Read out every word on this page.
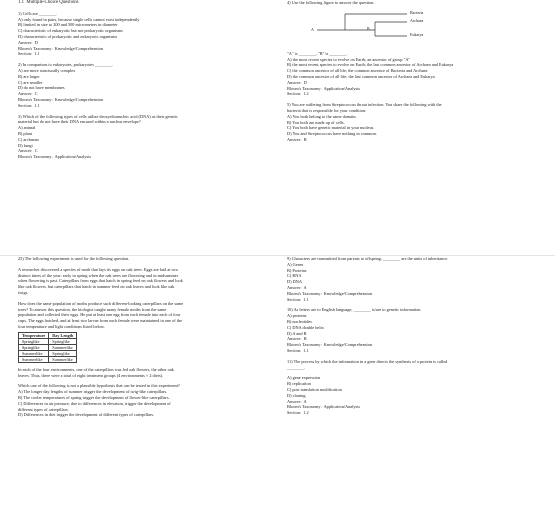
1.1  Multiple-Choice Questions

1) Cells are ________.

A) only found in pairs, because single cells cannot exist independently

B) limited in size to 200 and 500 micrometers in diameter

C) characteristic of eukaryotic but not prokaryotic organisms

D) characteristic of prokaryotic and eukaryotic organisms

Answer:  D

Bloom's Taxonomy:  Knowledge/Comprehension

Section:  1.1

2) In comparison to eukaryotes, prokaryotes ________.

A) are more structurally complex

B) are larger

C) are smaller

D) do not have membranes

Answer:  C

Bloom's Taxonomy:  Knowledge/Comprehension

Section:  1.1

3) Which of the following types of cells utilize deoxyribonucleic acid (DNA) as their genetic
material but do not have their DNA encased within a nuclear envelope?

A) animal

B) plant

C) archaean

D) fungi

Answer:  C

Bloom's Taxonomy:  Application/Analysis

4) Use the following figure to answer the question.

Bacteria
Archaea
Eukarya
A	B

"A" is ________, "B" is ________.

A) the most recent species to evolve on Earth; an ancestor of group "A"

B) the most recent species to evolve on Earth; the last common ancestor of Archaea and Eukarya

C) the common ancestor of all life; the common ancestor of Bacteria and Archaea

D) the common ancestor of all life; the last common ancestor of Archaea and Eukarya

Answer:  D

Bloom's Taxonomy:  Application/Analysis

Section:  1.2

5) You are suffering from Streptococcus throat infection. You share the following with the
bacteria that is responsible for your condition:

A) You both belong to the same domain.

B) You both are made up of cells.

C) You both have genetic material in your nucleus.

D) You and Streptococcus have nothing in common.

Answer:  B

25) The following experiment is used for the following question.

A researcher discovered a species of moth that lays its eggs on oak trees. Eggs are laid at two
distinct times of the year: early in spring when the oak trees are flowering and in midsummer
when flowering is past. Caterpillars from eggs that hatch in spring feed on oak flowers and look
like oak flowers, but caterpillars that hatch in summer feed on oak leaves and look like oak
twigs.

How does the same population of moths produce such different-looking caterpillars on the same
trees? To answer this question, the biologist caught many female moths from the same
population and collected their eggs. He put at least one egg from each female into each of four
cups. The eggs hatched, and at least two larvae from each female were maintained in one of the
four temperature and light conditions listed below.

Temperature	Day Length
Springlike	Springlike
Springlike	Summerlike
Summerlike	Springlike
Summerlike	Summerlike

In each of the four environments, one of the caterpillars was fed oak flowers, the other oak
leaves. Thus, there were a total of eight treatment groups (4 environments × 2 diets).

Which one of the following is not a plausible hypothesis that can be tested in this experiment?

A) The longer day lengths of summer trigger the development of twig-like caterpillars.

B) The cooler temperatures of spring trigger the development of flower-like caterpillars.

C) Differences in air pressure, due to differences in elevation, trigger the development of
different types of caterpillars.

D) Differences in diet trigger the development of different types of caterpillars.

9) Characters are transmitted from parents to offspring, ________ are the units of inheritance.

A) Genes

B) Proteins

C) RNA

D) DNA

Answer:  A

Bloom's Taxonomy:  Knowledge/Comprehension

Section:  1.1

10) As letters are to English language, ________ is/are to genetic information.

A) proteins

B) nucleotides

C) DNA double helix

D) A and B

Answer:  B

Bloom's Taxonomy:  Knowledge/Comprehension

Section:  1.1

11) The process by which the information in a gene directs the synthesis of a protein is called
________.

A) gene expression

B) replication

C) post translation modification

D) cloning

Answer:  A

Bloom's Taxonomy:  Application/Analysis

Section:  1.2
